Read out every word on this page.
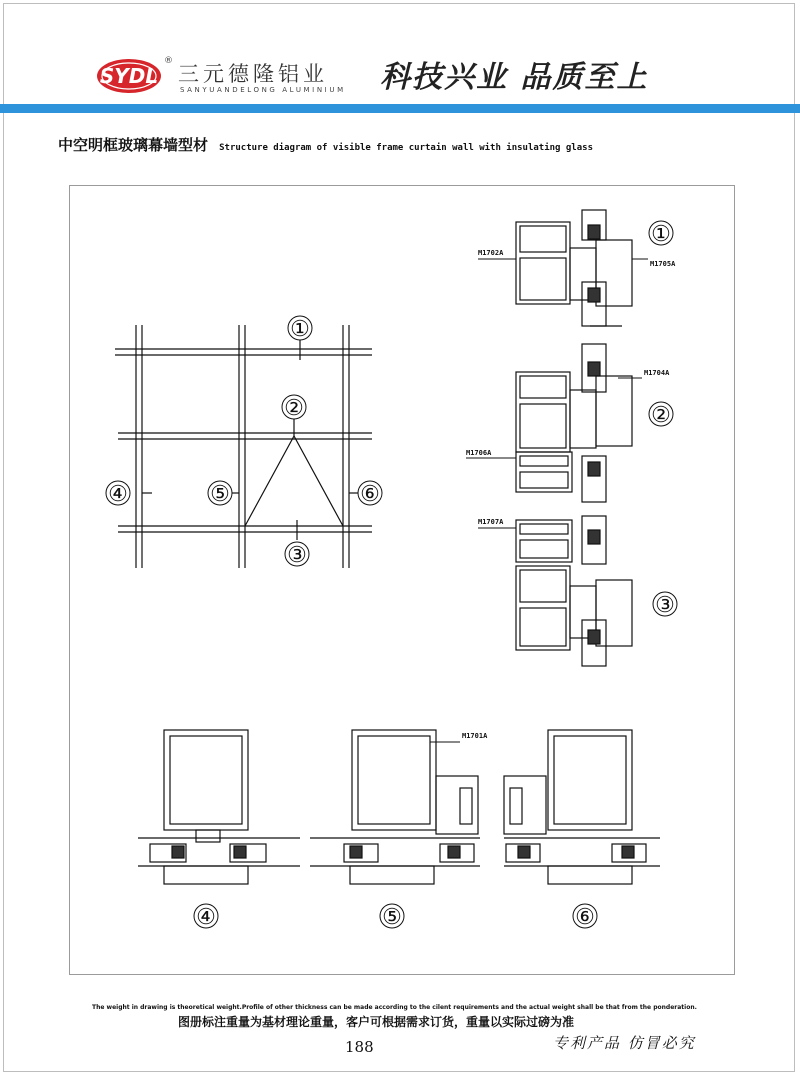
SYDL
®
三元德隆铝业
SANYUANDELONG ALUMINIUM 科技兴业 品质至上
中空明框玻璃幕墙型材 Structure diagram of visible frame curtain wall with insulating glass
①
②
③
④	⑤	⑥
M1702A
M1705A
①
M1704A
M1706A
②
M1707A
③
④
M1701A
⑤	⑥
The weight in drawing is theoretical weight.Profile of other thickness can be made according to the cilent requirements and the actual weight shall be that from the ponderation.
图册标注重量为基材理论重量，客户可根据需求订货，重量以实际过磅为准
188	专利产品 仿冒必究
